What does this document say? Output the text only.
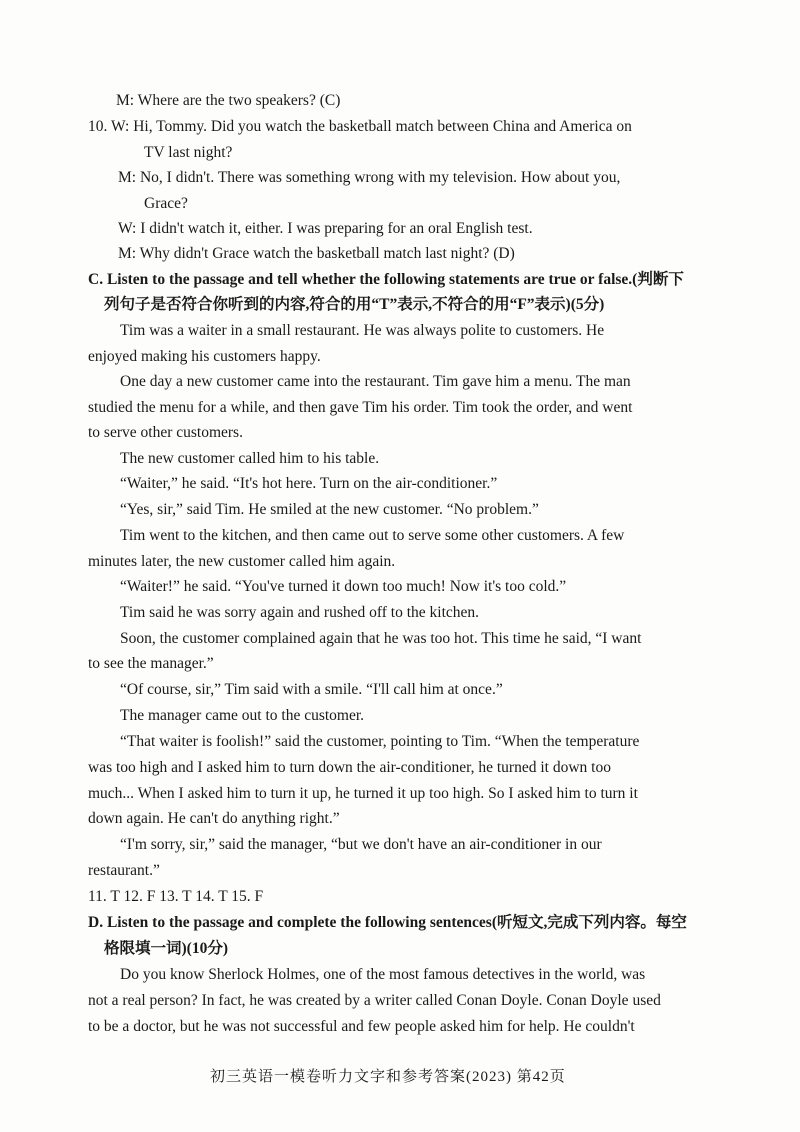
M: Where are the two speakers? (C)
10. W: Hi, Tommy. Did you watch the basketball match between China and America on
TV last night?
M: No, I didn't. There was something wrong with my television. How about you,
Grace?
W: I didn't watch it, either. I was preparing for an oral English test.
M: Why didn't Grace watch the basketball match last night? (D)
C. Listen to the passage and tell whether the following statements are true or false.(判断下
列句子是否符合你听到的内容,符合的用“T”表示,不符合的用“F”表示)(5分)
Tim was a waiter in a small restaurant. He was always polite to customers. He
enjoyed making his customers happy.
One day a new customer came into the restaurant. Tim gave him a menu. The man
studied the menu for a while, and then gave Tim his order. Tim took the order, and went
to serve other customers.
The new customer called him to his table.
“Waiter,” he said. “It's hot here. Turn on the air-conditioner.”
“Yes, sir,” said Tim. He smiled at the new customer. “No problem.”
Tim went to the kitchen, and then came out to serve some other customers. A few
minutes later, the new customer called him again.
“Waiter!” he said. “You've turned it down too much! Now it's too cold.”
Tim said he was sorry again and rushed off to the kitchen.
Soon, the customer complained again that he was too hot. This time he said, “I want
to see the manager.”
“Of course, sir,” Tim said with a smile. “I'll call him at once.”
The manager came out to the customer.
“That waiter is foolish!” said the customer, pointing to Tim. “When the temperature
was too high and I asked him to turn down the air-conditioner, he turned it down too
much... When I asked him to turn it up, he turned it up too high. So I asked him to turn it
down again. He can't do anything right.”
“I'm sorry, sir,” said the manager, “but we don't have an air-conditioner in our
restaurant.”
11. T 12. F 13. T 14. T 15. F
D. Listen to the passage and complete the following sentences(听短文,完成下列内容。每空
格限填一词)(10分)
Do you know Sherlock Holmes, one of the most famous detectives in the world, was
not a real person? In fact, he was created by a writer called Conan Doyle. Conan Doyle used
to be a doctor, but he was not successful and few people asked him for help. He couldn't
初三英语一模卷听力文字和参考答案(2023) 第42页
